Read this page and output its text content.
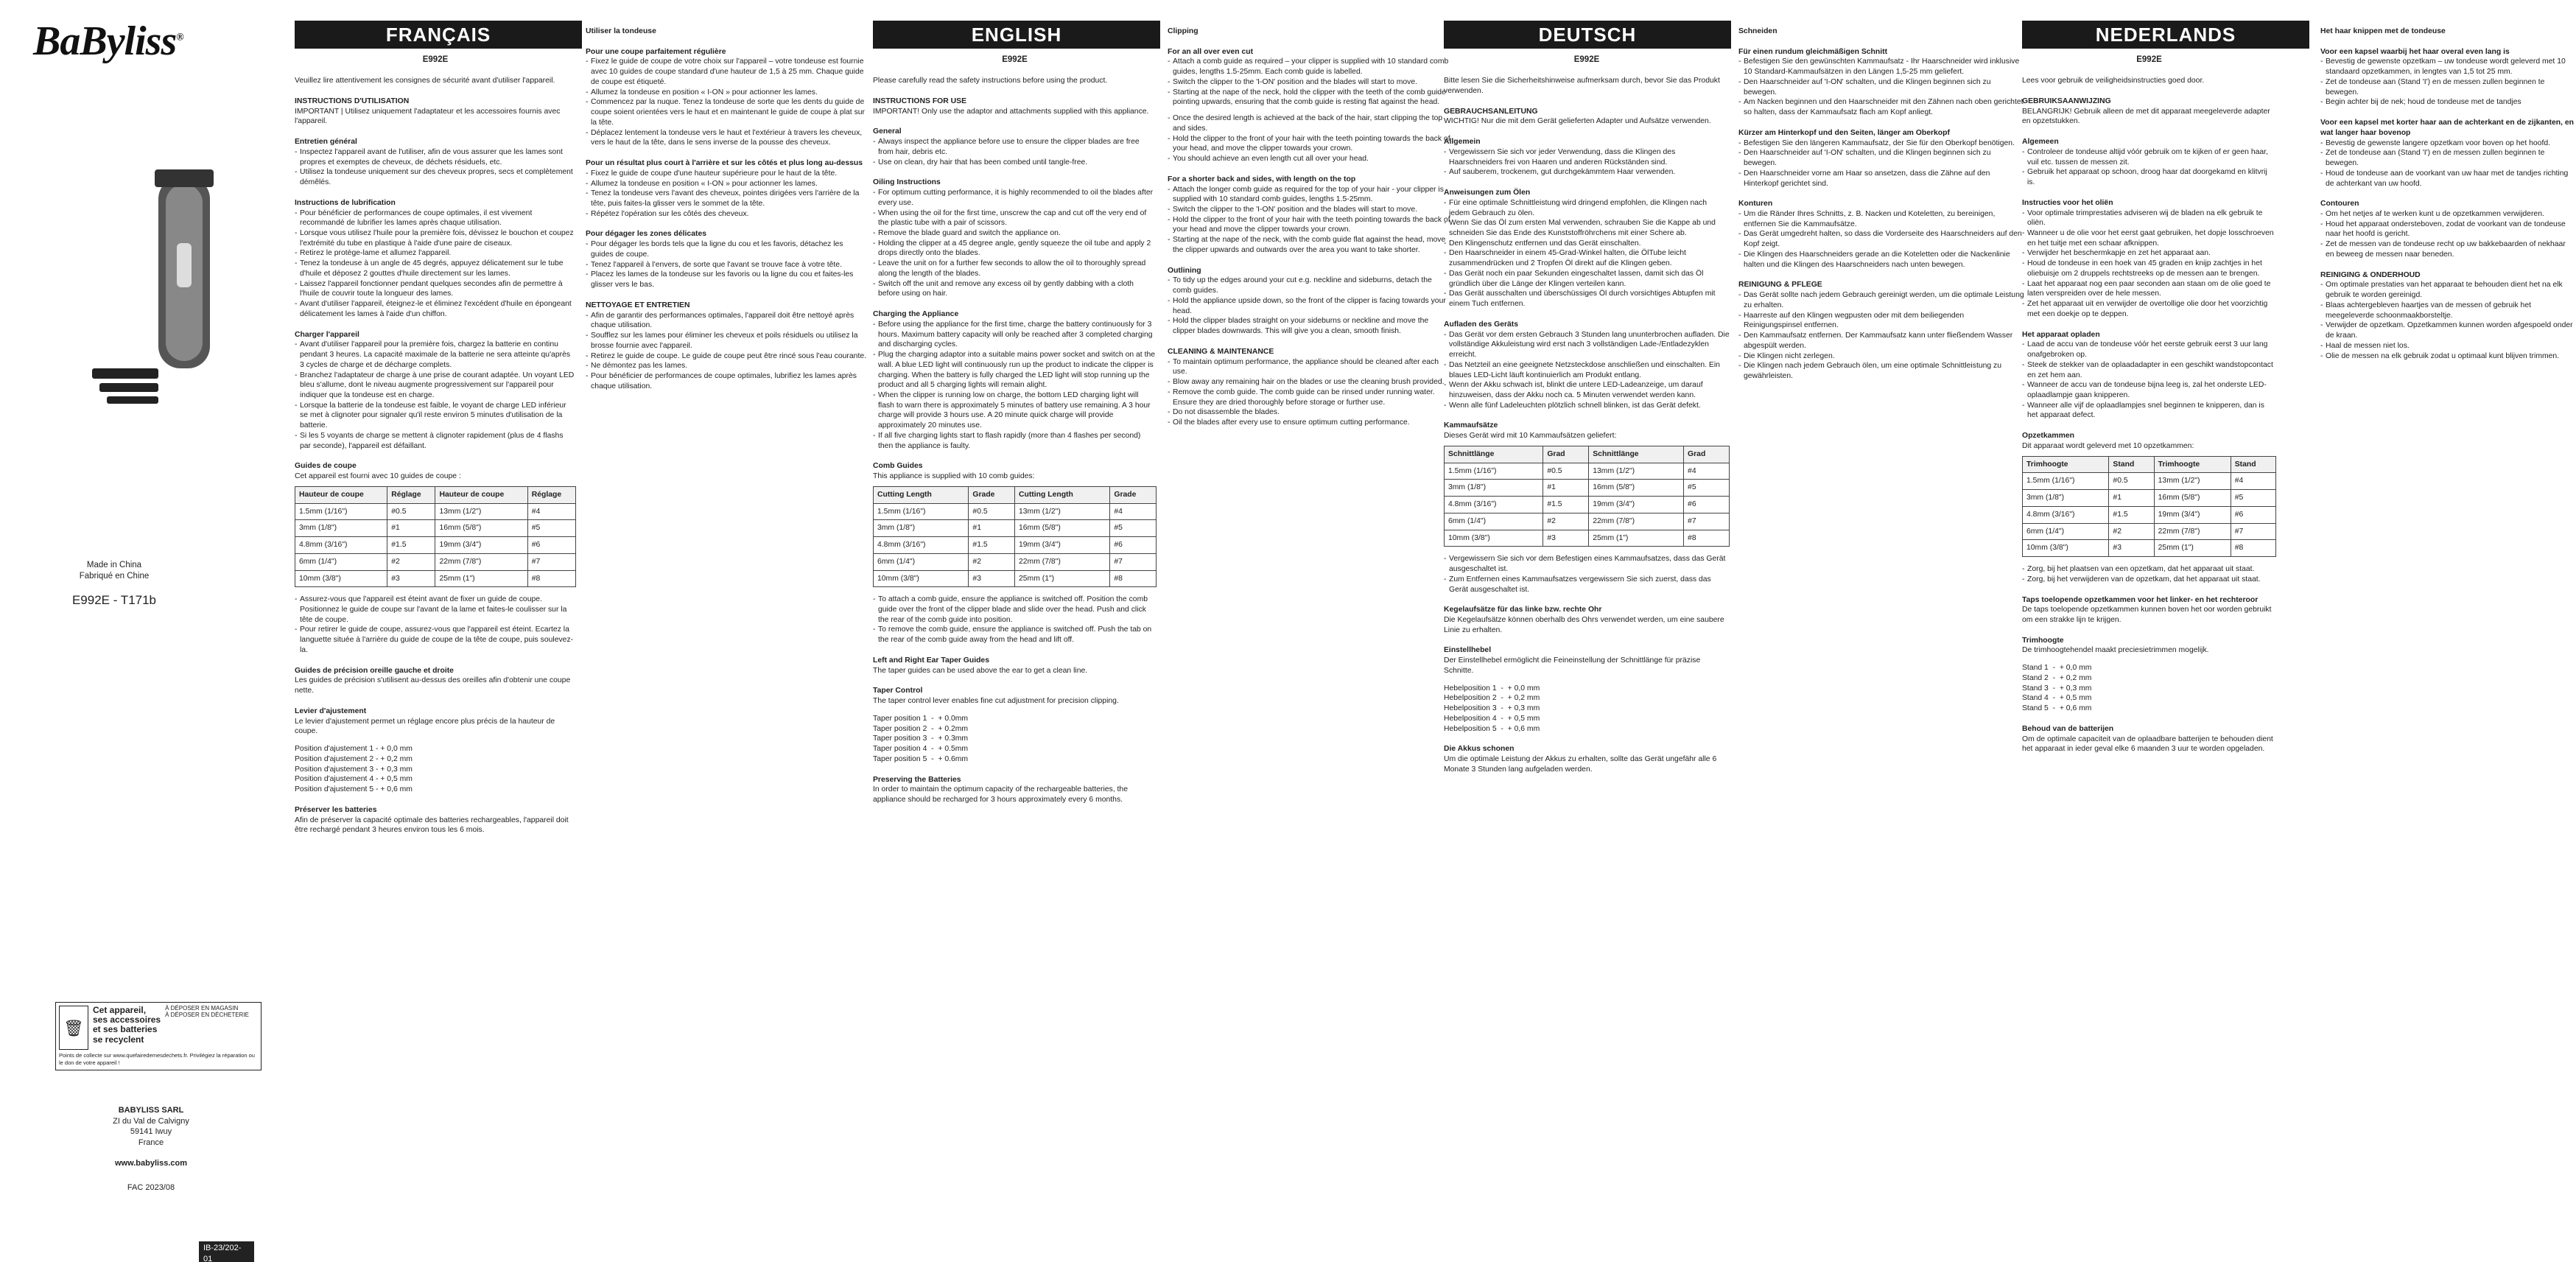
BaByliss®
Made in China
Fabriqué en Chine
E992E - T171b
🗑
Cet appareil,
ses accessoires
et ses batteries
se recyclent
À DÉPOSER EN MAGASIN
À DÉPOSER EN DÉCHETERIE
Points de collecte sur www.quefairedemesdechets.fr. Privilégiez la réparation ou le don de votre appareil !
BABYLISS SARL
ZI du Val de Calvigny
59141 Iwuy
France
www.babyliss.com
FAC 2023/08
IB-23/202-01
FRANÇAIS
E992E

Veuillez lire attentivement les consignes de sécurité avant d'utiliser l'appareil.

INSTRUCTIONS D'UTILISATION

IMPORTANT | Utilisez uniquement l'adaptateur et les accessoires fournis avec l'appareil.

Entretien général
- Inspectez l'appareil avant de l'utiliser, afin de vous assurer que les lames sont propres et exemptes de cheveux, de déchets résiduels, etc.
- Utilisez la tondeuse uniquement sur des cheveux propres, secs et complètement démêlés.
Instructions de lubrification
- Pour bénéficier de performances de coupe optimales, il est vivement recommandé de lubrifier les lames après chaque utilisation.
- Lorsque vous utilisez l'huile pour la première fois, dévissez le bouchon et coupez l'extrémité du tube en plastique à l'aide d'une paire de ciseaux.
- Retirez le protège-lame et allumez l'appareil.
- Tenez la tondeuse à un angle de 45 degrés, appuyez délicatement sur le tube d'huile et déposez 2 gouttes d'huile directement sur les lames.
- Laissez l'appareil fonctionner pendant quelques secondes afin de permettre à l'huile de couvrir toute la longueur des lames.
- Avant d'utiliser l'appareil, éteignez-le et éliminez l'excédent d'huile en épongeant délicatement les lames à l'aide d'un chiffon.
Charger l'appareil
- Avant d'utiliser l'appareil pour la première fois, chargez la batterie en continu pendant 3 heures. La capacité maximale de la batterie ne sera atteinte qu'après 3 cycles de charge et de décharge complets.
- Branchez l'adaptateur de charge à une prise de courant adaptée. Un voyant LED bleu s'allume, dont le niveau augmente progressivement sur l'appareil pour indiquer que la tondeuse est en charge.
- Lorsque la batterie de la tondeuse est faible, le voyant de charge LED inférieur se met à clignoter pour signaler qu'il reste environ 5 minutes d'utilisation de la batterie.
- Si les 5 voyants de charge se mettent à clignoter rapidement (plus de 4 flashs par seconde), l'appareil est défaillant.
Guides de coupe
Cet appareil est fourni avec 10 guides de coupe :
Hauteur de coupe	Réglage	Hauteur de coupe	Réglage
1.5mm (1/16")	#0.5	13mm (1/2")	#4
3mm (1/8")	#1	16mm (5/8")	#5
4.8mm (3/16")	#1.5	19mm (3/4")	#6
6mm (1/4")	#2	22mm (7/8")	#7
10mm (3/8")	#3	25mm (1")	#8
- Assurez-vous que l'appareil est éteint avant de fixer un guide de coupe. Positionnez le guide de coupe sur l'avant de la lame et faites-le coulisser sur la tête de coupe.
- Pour retirer le guide de coupe, assurez-vous que l'appareil est éteint. Ecartez la languette située à l'arrière du guide de coupe de la tête de coupe, puis soulevez-la.
Guides de précision oreille gauche et droite

Les guides de précision s'utilisent au-dessus des oreilles afin d'obtenir une coupe nette.

Levier d'ajustement

Le levier d'ajustement permet un réglage encore plus précis de la hauteur de coupe.

Position d'ajustement 1 - + 0,0 mm
Position d'ajustement 2 - + 0,2 mm
Position d'ajustement 3 - + 0,3 mm
Position d'ajustement 4 - + 0,5 mm
Position d'ajustement 5 - + 0,6 mm
Préserver les batteries

Afin de préserver la capacité optimale des batteries rechargeables, l'appareil doit être rechargé pendant 3 heures environ tous les 6 mois.

Utiliser la tondeuse
Pour une coupe parfaitement régulière
- Fixez le guide de coupe de votre choix sur l'appareil – votre tondeuse est fournie avec 10 guides de coupe standard d'une hauteur de 1,5 à 25 mm. Chaque guide de coupe est étiqueté.
- Allumez la tondeuse en position « I-ON » pour actionner les lames.
- Commencez par la nuque. Tenez la tondeuse de sorte que les dents du guide de coupe soient orientées vers le haut et en maintenant le guide de coupe à plat sur la tête.
- Déplacez lentement la tondeuse vers le haut et l'extérieur à travers les cheveux, vers le haut de la tête, dans le sens inverse de la pousse des cheveux.
Pour un résultat plus court à l'arrière et sur les côtés et plus long au-dessus
- Fixez le guide de coupe d'une hauteur supérieure pour le haut de la tête.
- Allumez la tondeuse en position « I-ON » pour actionner les lames.
- Tenez la tondeuse vers l'avant des cheveux, pointes dirigées vers l'arrière de la tête, puis faites-la glisser vers le sommet de la tête.
- Répétez l'opération sur les côtés des cheveux.
Pour dégager les zones délicates
- Pour dégager les bords tels que la ligne du cou et les favoris, détachez les guides de coupe.
- Tenez l'appareil à l'envers, de sorte que l'avant se trouve face à votre tête.
- Placez les lames de la tondeuse sur les favoris ou la ligne du cou et faites-les glisser vers le bas.
NETTOYAGE ET ENTRETIEN
- Afin de garantir des performances optimales, l'appareil doit être nettoyé après chaque utilisation.
- Soufflez sur les lames pour éliminer les cheveux et poils résiduels ou utilisez la brosse fournie avec l'appareil.
- Retirez le guide de coupe. Le guide de coupe peut être rincé sous l'eau courante.
- Ne démontez pas les lames.
- Pour bénéficier de performances de coupe optimales, lubrifiez les lames après chaque utilisation.
ENGLISH
E992E

Please carefully read the safety instructions before using the product.

INSTRUCTIONS FOR USE

IMPORTANT! Only use the adaptor and attachments supplied with this appliance.

General
- Always inspect the appliance before use to ensure the clipper blades are free from hair, debris etc.
- Use on clean, dry hair that has been combed until tangle-free.
Oiling Instructions
- For optimum cutting performance, it is highly recommended to oil the blades after every use.
- When using the oil for the first time, unscrew the cap and cut off the very end of the plastic tube with a pair of scissors.
- Remove the blade guard and switch the appliance on.
- Holding the clipper at a 45 degree angle, gently squeeze the oil tube and apply 2 drops directly onto the blades.
- Leave the unit on for a further few seconds to allow the oil to thoroughly spread along the length of the blades.
- Switch off the unit and remove any excess oil by gently dabbing with a cloth before using on hair.
Charging the Appliance
- Before using the appliance for the first time, charge the battery continuously for 3 hours. Maximum battery capacity will only be reached after 3 completed charging and discharging cycles.
- Plug the charging adaptor into a suitable mains power socket and switch on at the wall. A blue LED light will continuously run up the product to indicate the clipper is charging. When the battery is fully charged the LED light will stop running up the product and all 5 charging lights will remain alight.
- When the clipper is running low on charge, the bottom LED charging light will flash to warn there is approximately 5 minutes of battery use remaining. A 3 hour charge will provide 3 hours use. A 20 minute quick charge will provide approximately 20 minutes use.
- If all five charging lights start to flash rapidly (more than 4 flashes per second) then the appliance is faulty.
Comb Guides
This appliance is supplied with 10 comb guides:
Cutting Length	Grade	Cutting Length	Grade
1.5mm (1/16")	#0.5	13mm (1/2")	#4
3mm (1/8")	#1	16mm (5/8")	#5
4.8mm (3/16")	#1.5	19mm (3/4")	#6
6mm (1/4")	#2	22mm (7/8")	#7
10mm (3/8")	#3	25mm (1")	#8
- To attach a comb guide, ensure the appliance is switched off. Position the comb guide over the front of the clipper blade and slide over the head. Push and click the rear of the comb guide into position.
- To remove the comb guide, ensure the appliance is switched off. Push the tab on the rear of the comb guide away from the head and lift off.
Left and Right Ear Taper Guides

The taper guides can be used above the ear to get a clean line.

Taper Control

The taper control lever enables fine cut adjustment for precision clipping.

Taper position 1  -  + 0.0mm
Taper position 2  -  + 0.2mm
Taper position 3  -  + 0.3mm
Taper position 4  -  + 0.5mm
Taper position 5  -  + 0.6mm
Preserving the Batteries

In order to maintain the optimum capacity of the rechargeable batteries, the appliance should be recharged for 3 hours approximately every 6 months.

Clipping
For an all over even cut
- Attach a comb guide as required – your clipper is supplied with 10 standard comb guides, lengths 1.5-25mm. Each comb guide is labelled.
- Switch the clipper to the 'I-ON' position and the blades will start to move.
- Starting at the nape of the neck, hold the clipper with the teeth of the comb guide pointing upwards, ensuring that the comb guide is resting flat against the head.
- Once the desired length is achieved at the back of the hair, start clipping the top and sides.
- Hold the clipper to the front of your hair with the teeth pointing towards the back of your head, and move the clipper towards your crown.
- You should achieve an even length cut all over your head.
For a shorter back and sides, with length on the top
- Attach the longer comb guide as required for the top of your hair - your clipper is supplied with 10 standard comb guides, lengths 1.5-25mm.
- Switch the clipper to the 'I-ON' position and the blades will start to move.
- Hold the clipper to the front of your hair with the teeth pointing towards the back of your head and move the clipper towards your crown.
- Starting at the nape of the neck, with the comb guide flat against the head, move the clipper upwards and outwards over the area you want to take shorter.
Outlining
- To tidy up the edges around your cut e.g. neckline and sideburns, detach the comb guides.
- Hold the appliance upside down, so the front of the clipper is facing towards your head.
- Hold the clipper blades straight on your sideburns or neckline and move the clipper blades downwards. This will give you a clean, smooth finish.
CLEANING & MAINTENANCE
- To maintain optimum performance, the appliance should be cleaned after each use.
- Blow away any remaining hair on the blades or use the cleaning brush provided.
- Remove the comb guide. The comb guide can be rinsed under running water. Ensure they are dried thoroughly before storage or further use.
- Do not disassemble the blades.
- Oil the blades after every use to ensure optimum cutting performance.
DEUTSCH
E992E

Bitte lesen Sie die Sicherheitshinweise aufmerksam durch, bevor Sie das Produkt verwenden.

GEBRAUCHSANLEITUNG

WICHTIG! Nur die mit dem Gerät gelieferten Adapter und Aufsätze verwenden.

Allgemein
- Vergewissern Sie sich vor jeder Verwendung, dass die Klingen des Haarschneiders frei von Haaren und anderen Rückständen sind.
- Auf sauberem, trockenem, gut durchgekämmtem Haar verwenden.
Anweisungen zum Ölen
- Für eine optimale Schnittleistung wird dringend empfohlen, die Klingen nach jedem Gebrauch zu ölen.
- Wenn Sie das Öl zum ersten Mal verwenden, schrauben Sie die Kappe ab und schneiden Sie das Ende des Kunststoffröhrchens mit einer Schere ab.
- Den Klingenschutz entfernen und das Gerät einschalten.
- Den Haarschneider in einem 45-Grad-Winkel halten, die ÖlTube leicht zusammendrücken und 2 Tropfen Öl direkt auf die Klingen geben.
- Das Gerät noch ein paar Sekunden eingeschaltet lassen, damit sich das Öl gründlich über die Länge der Klingen verteilen kann.
- Das Gerät ausschalten und überschüssiges Öl durch vorsichtiges Abtupfen mit einem Tuch entfernen.
Aufladen des Geräts
- Das Gerät vor dem ersten Gebrauch 3 Stunden lang ununterbrochen aufladen. Die vollständige Akkuleistung wird erst nach 3 vollständigen Lade-/Entladezyklen erreicht.
- Das Netzteil an eine geeignete Netzsteckdose anschließen und einschalten. Ein blaues LED-Licht läuft kontinuierlich am Produkt entlang.
- Wenn der Akku schwach ist, blinkt die untere LED-Ladeanzeige, um darauf hinzuweisen, dass der Akku noch ca. 5 Minuten verwendet werden kann.
- Wenn alle fünf Ladeleuchten plötzlich schnell blinken, ist das Gerät defekt.
Kammaufsätze
Dieses Gerät wird mit 10 Kammaufsätzen geliefert:
Schnittlänge	Grad	Schnittlänge	Grad
1.5mm (1/16")	#0.5	13mm (1/2")	#4
3mm (1/8")	#1	16mm (5/8")	#5
4.8mm (3/16")	#1.5	19mm (3/4")	#6
6mm (1/4")	#2	22mm (7/8")	#7
10mm (3/8")	#3	25mm (1")	#8
- Vergewissern Sie sich vor dem Befestigen eines Kammaufsatzes, dass das Gerät ausgeschaltet ist.
- Zum Entfernen eines Kammaufsatzes vergewissern Sie sich zuerst, dass das Gerät ausgeschaltet ist.
Kegelaufsätze für das linke bzw. rechte Ohr

Die Kegelaufsätze können oberhalb des Ohrs verwendet werden, um eine saubere Linie zu erhalten.

Einstellhebel

Der Einstellhebel ermöglicht die Feineinstellung der Schnittlänge für präzise Schnitte.

Hebelposition 1  -  + 0,0 mm
Hebelposition 2  -  + 0,2 mm
Hebelposition 3  -  + 0,3 mm
Hebelposition 4  -  + 0,5 mm
Hebelposition 5  -  + 0,6 mm
Die Akkus schonen

Um die optimale Leistung der Akkus zu erhalten, sollte das Gerät ungefähr alle 6 Monate 3 Stunden lang aufgeladen werden.

Schneiden
Für einen rundum gleichmäßigen Schnitt
- Befestigen Sie den gewünschten Kammaufsatz - Ihr Haarschneider wird inklusive 10 Standard-Kammaufsätzen in den Längen 1,5-25 mm geliefert.
- Den Haarschneider auf 'I-ON' schalten, und die Klingen beginnen sich zu bewegen.
- Am Nacken beginnen und den Haarschneider mit den Zähnen nach oben gerichtet so halten, dass der Kammaufsatz flach am Kopf anliegt.
Kürzer am Hinterkopf und den Seiten, länger am Oberkopf
- Befestigen Sie den längeren Kammaufsatz, der Sie für den Oberkopf benötigen.
- Den Haarschneider auf 'I-ON' schalten, und die Klingen beginnen sich zu bewegen.
- Den Haarschneider vorne am Haar so ansetzen, dass die Zähne auf den Hinterkopf gerichtet sind.
Konturen
- Um die Ränder Ihres Schnitts, z. B. Nacken und Koteletten, zu bereinigen, entfernen Sie die Kammaufsätze.
- Das Gerät umgedreht halten, so dass die Vorderseite des Haarschneiders auf den Kopf zeigt.
- Die Klingen des Haarschneiders gerade an die Koteletten oder die Nackenlinie halten und die Klingen des Haarschneiders nach unten bewegen.
REINIGUNG & PFLEGE
- Das Gerät sollte nach jedem Gebrauch gereinigt werden, um die optimale Leistung zu erhalten.
- Haarreste auf den Klingen wegpusten oder mit dem beiliegenden Reinigungspinsel entfernen.
- Den Kammaufsatz entfernen. Der Kammaufsatz kann unter fließendem Wasser abgespült werden.
- Die Klingen nicht zerlegen.
- Die Klingen nach jedem Gebrauch ölen, um eine optimale Schnittleistung zu gewährleisten.
NEDERLANDS
E992E

Lees voor gebruik de veiligheidsinstructies goed door.

GEBRUIKSAANWIJZING

BELANGRIJK! Gebruik alleen de met dit apparaat meegeleverde adapter en opzetstukken.

Algemeen
- Controleer de tondeuse altijd vóór gebruik om te kijken of er geen haar, vuil etc. tussen de messen zit.
- Gebruik het apparaat op schoon, droog haar dat doorgekamd en klitvrij is.
Instructies voor het oliën
- Voor optimale trimprestaties adviseren wij de bladen na elk gebruik te oliën.
- Wanneer u de olie voor het eerst gaat gebruiken, het dopje losschroeven en het tuitje met een schaar afknippen.
- Verwijder het beschermkapje en zet het apparaat aan.
- Houd de tondeuse in een hoek van 45 graden en knijp zachtjes in het oliebuisje om 2 druppels rechtstreeks op de messen aan te brengen.
- Laat het apparaat nog een paar seconden aan staan om de olie goed te laten verspreiden over de hele messen.
- Zet het apparaat uit en verwijder de overtollige olie door het voorzichtig met een doekje op te deppen.
Het apparaat opladen
- Laad de accu van de tondeuse vóór het eerste gebruik eerst 3 uur lang onafgebroken op.
- Steek de stekker van de oplaadadapter in een geschikt wandstopcontact en zet hem aan.
- Wanneer de accu van de tondeuse bijna leeg is, zal het onderste LED-oplaadlampje gaan knipperen.
- Wanneer alle vijf de oplaadlampjes snel beginnen te knipperen, dan is het apparaat defect.
Opzetkammen
Dit apparaat wordt geleverd met 10 opzetkammen:
Trimhoogte	Stand	Trimhoogte	Stand
1.5mm (1/16")	#0.5	13mm (1/2")	#4
3mm (1/8")	#1	16mm (5/8")	#5
4.8mm (3/16")	#1.5	19mm (3/4")	#6
6mm (1/4")	#2	22mm (7/8")	#7
10mm (3/8")	#3	25mm (1")	#8
- Zorg, bij het plaatsen van een opzetkam, dat het apparaat uit staat.
- Zorg, bij het verwijderen van de opzetkam, dat het apparaat uit staat.
Taps toelopende opzetkammen voor het linker- en het rechteroor

De taps toelopende opzetkammen kunnen boven het oor worden gebruikt om een strakke lijn te krijgen.

Trimhoogte

De trimhoogtehendel maakt preciesietrimmen mogelijk.

Stand 1  -  + 0,0 mm
Stand 2  -  + 0,2 mm
Stand 3  -  + 0,3 mm
Stand 4  -  + 0,5 mm
Stand 5  -  + 0,6 mm
Behoud van de batterijen

Om de optimale capaciteit van de oplaadbare batterijen te behouden dient het apparaat in ieder geval elke 6 maanden 3 uur te worden opgeladen.

Het haar knippen met de tondeuse
Voor een kapsel waarbij het haar overal even lang is
- Bevestig de gewenste opzetkam – uw tondeuse wordt geleverd met 10 standaard opzetkammen, in lengtes van 1,5 tot 25 mm.
- Zet de tondeuse aan (Stand 'I') en de messen zullen beginnen te bewegen.
- Begin achter bij de nek; houd de tondeuse met de tandjes
Voor een kapsel met korter haar aan de achterkant en de zijkanten, en wat langer haar bovenop
- Bevestig de gewenste langere opzetkam voor boven op het hoofd.
- Zet de tondeuse aan (Stand 'I') en de messen zullen beginnen te bewegen.
- Houd de tondeuse aan de voorkant van uw haar met de tandjes richting de achterkant van uw hoofd.
Contouren
- Om het netjes af te werken kunt u de opzetkammen verwijderen.
- Houd het apparaat ondersteboven, zodat de voorkant van de tondeuse naar het hoofd is gericht.
- Zet de messen van de tondeuse recht op uw bakkebaarden of nekhaar en beweeg de messen naar beneden.
REINIGING & ONDERHOUD
- Om optimale prestaties van het apparaat te behouden dient het na elk gebruik te worden gereinigd.
- Blaas achtergebleven haartjes van de messen of gebruik het meegeleverde schoonmaakborsteltje.
- Verwijder de opzetkam. Opzetkammen kunnen worden afgespoeld onder de kraan.
- Haal de messen niet los.
- Olie de messen na elk gebruik zodat u optimaal kunt blijven trimmen.
